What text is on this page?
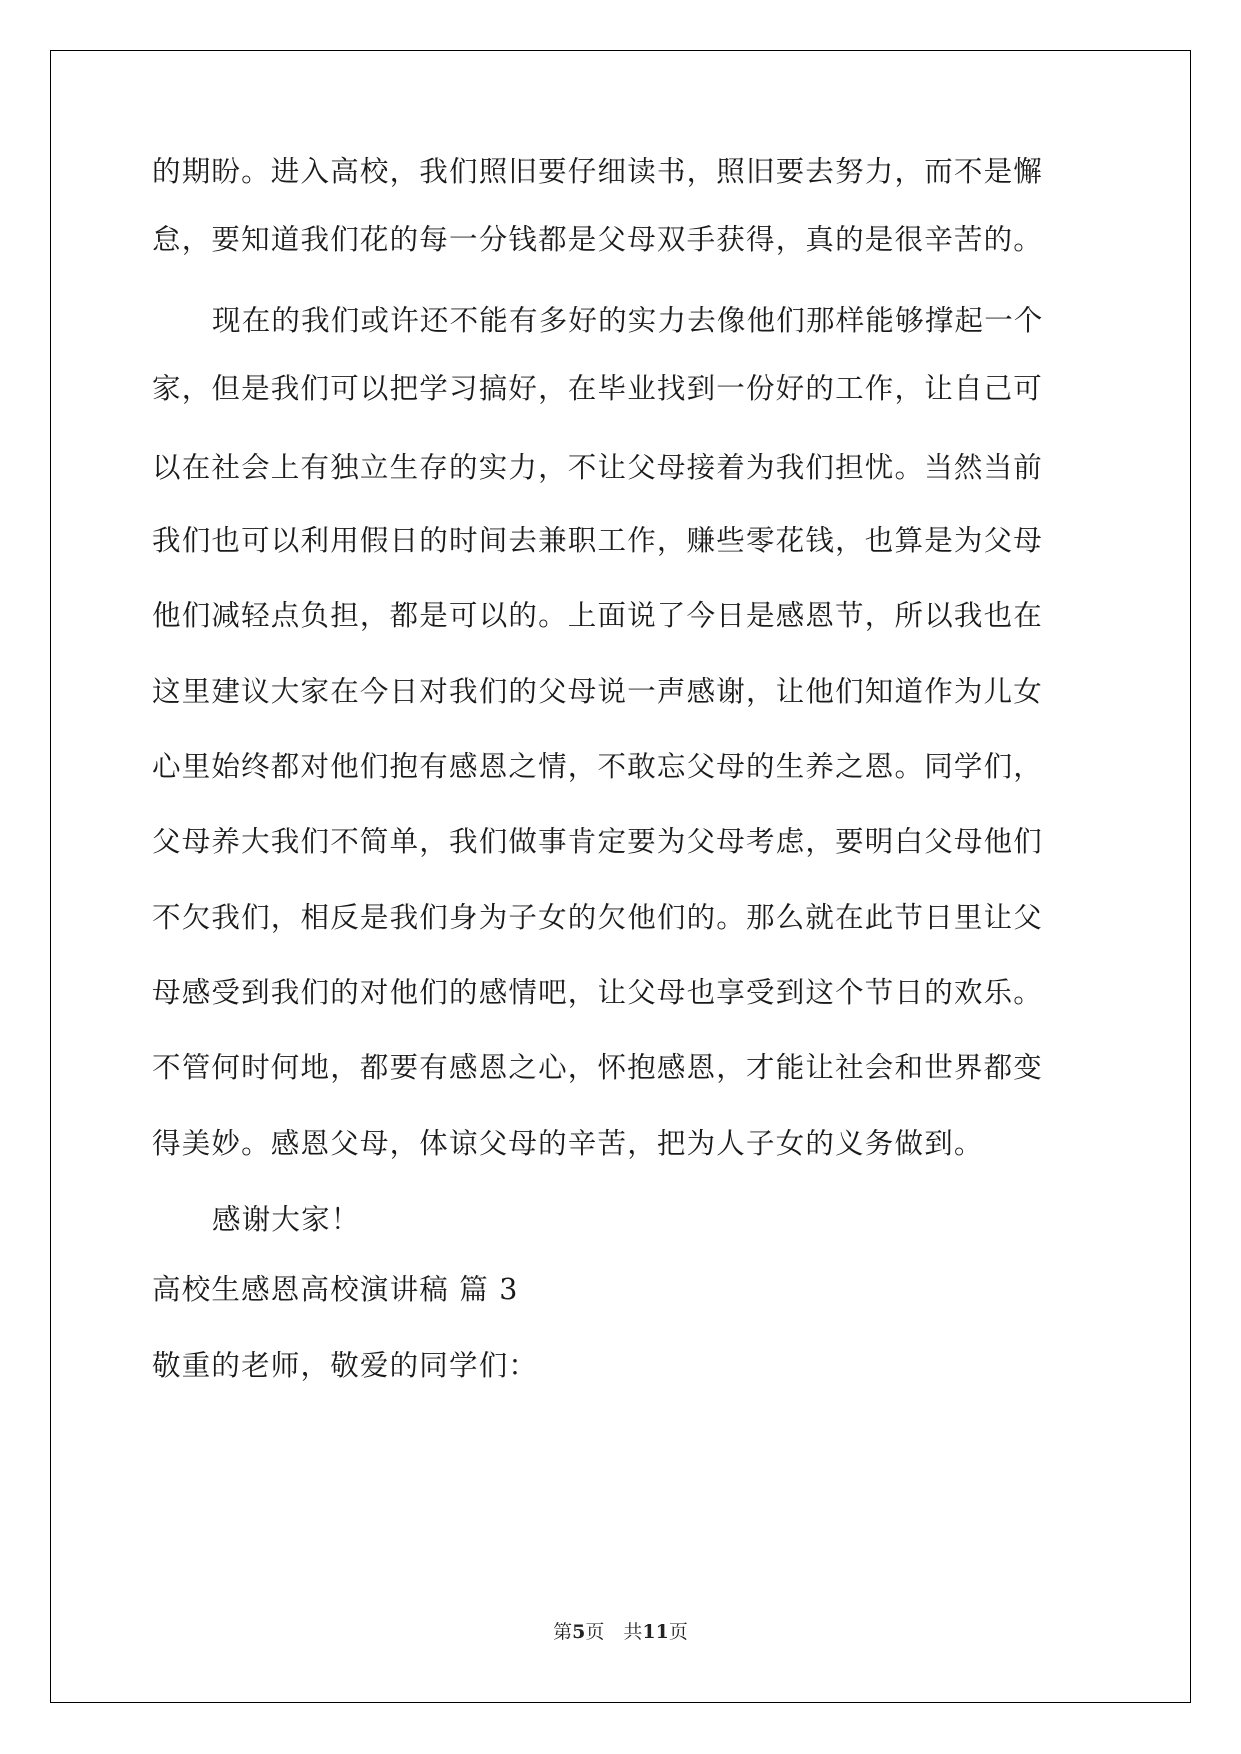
的期盼。进入高校，我们照旧要仔细读书，照旧要去努力，而不是懈
怠，要知道我们花的每一分钱都是父母双手获得，真的是很辛苦的。
现在的我们或许还不能有多好的实力去像他们那样能够撑起一个
家，但是我们可以把学习搞好，在毕业找到一份好的工作，让自己可
以在社会上有独立生存的实力，不让父母接着为我们担忧。当然当前
我们也可以利用假日的时间去兼职工作，赚些零花钱，也算是为父母
他们减轻点负担，都是可以的。上面说了今日是感恩节，所以我也在
这里建议大家在今日对我们的父母说一声感谢，让他们知道作为儿女
心里始终都对他们抱有感恩之情，不敢忘父母的生养之恩。同学们，
父母养大我们不简单，我们做事肯定要为父母考虑，要明白父母他们
不欠我们，相反是我们身为子女的欠他们的。那么就在此节日里让父
母感受到我们的对他们的感情吧，让父母也享受到这个节日的欢乐。
不管何时何地，都要有感恩之心，怀抱感恩，才能让社会和世界都变
得美妙。感恩父母，体谅父母的辛苦，把为人子女的义务做到。
感谢大家！
高校生感恩高校演讲稿 篇 3
敬重的老师，敬爱的同学们：
第5页　共11页
